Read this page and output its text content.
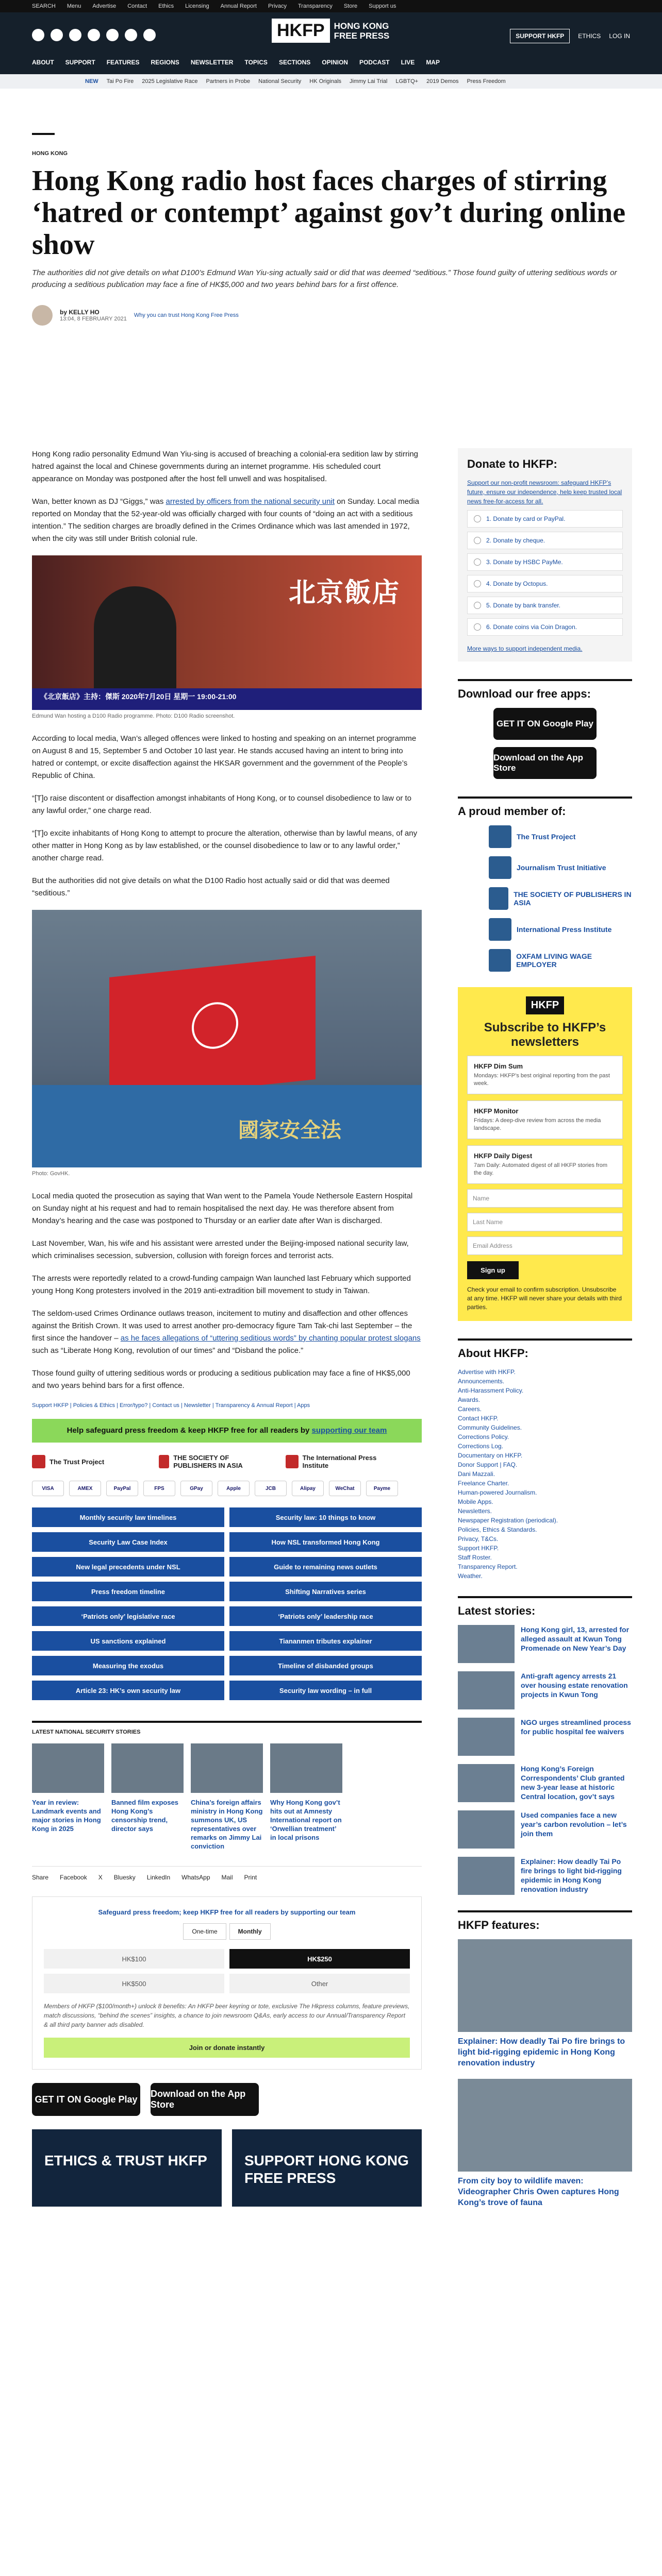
SEARCH Menu Advertise Contact Ethics Licensing Annual Report Privacy Transparency Store Support us
HKFP	HONG KONG
FREE PRESS	SUPPORT HKFP	ETHICS LOG IN
ABOUT SUPPORT FEATURES REGIONS NEWSLETTER TOPICS SECTIONS OPINION PODCAST LIVE MAP
NEW Tai Po Fire 2025 Legislative Race Partners in Probe National Security HK Originals Jimmy Lai Trial LGBTQ+ 2019 Demos Press Freedom
HONG KONG
Hong Kong radio host faces charges of stirring ‘hatred or contempt’ against gov’t during online show

The authorities did not give details on what D100’s Edmund Wan Yiu-sing actually said or did that was deemed “seditious.” Those found guilty of uttering seditious words or producing a seditious publication may face a fine of HK$5,000 and two years behind bars for a first offence.

by KELLY HO
13:04, 8 FEBRUARY 2021
Why you can trust Hong Kong Free Press

Hong Kong radio personality Edmund Wan Yiu-sing is accused of breaching a colonial-era sedition law by stirring hatred against the local and Chinese governments during an internet programme. His scheduled court appearance on Monday was postponed after the host fell unwell and was hospitalised.

Wan, better known as DJ “Giggs,” was arrested by officers from the national security unit on Sunday. Local media reported on Monday that the 52-year-old was officially charged with four counts of “doing an act with a seditious intention.” The sedition charges are broadly defined in the Crimes Ordinance which was last amended in 1972, when the city was still under British colonial rule.

北京飯店
《北京飯店》主持：傑斯 2020年7月20日 星期一 19:00-21:00
Edmund Wan hosting a D100 Radio programme. Photo: D100 Radio screenshot.

According to local media, Wan’s alleged offences were linked to hosting and speaking on an internet programme on August 8 and 15, September 5 and October 10 last year. He stands accused having an intent to bring into hatred or contempt, or excite disaffection against the HKSAR government and the government of the People’s Republic of China.

“[T]o raise discontent or disaffection amongst inhabitants of Hong Kong, or to counsel disobedience to law or to any lawful order,” one charge read.

“[T]o excite inhabitants of Hong Kong to attempt to procure the alteration, otherwise than by lawful means, of any other matter in Hong Kong as by law established, or the counsel disobedience to law or to any lawful order,” another charge read.

But the authorities did not give details on what the D100 Radio host actually said or did that was deemed “seditious.”

國家安全法
Photo: GovHK.

Local media quoted the prosecution as saying that Wan went to the Pamela Youde Nethersole Eastern Hospital on Sunday night at his request and had to remain hospitalised the next day. He was therefore absent from Monday’s hearing and the case was postponed to Thursday or an earlier date after Wan is discharged.

Last November, Wan, his wife and his assistant were arrested under the Beijing-imposed national security law, which criminalises secession, subversion, collusion with foreign forces and terrorist acts.

The arrests were reportedly related to a crowd-funding campaign Wan launched last February which supported young Hong Kong protesters involved in the 2019 anti-extradition bill movement to study in Taiwan.

The seldom-used Crimes Ordinance outlaws treason, incitement to mutiny and disaffection and other offences against the British Crown. It was used to arrest another pro-democracy figure Tam Tak-chi last September – the first since the handover – as he faces allegations of “uttering seditious words” by chanting popular protest slogans such as “Liberate Hong Kong, revolution of our times” and “Disband the police.”

Those found guilty of uttering seditious words or producing a seditious publication may face a fine of HK$5,000 and two years behind bars for a first offence.

Support HKFP | Policies & Ethics | Error/typo? | Contact us | Newsletter | Transparency & Annual Report | Apps
Help safeguard press freedom & keep HKFP free for all readers by supporting our team
The Trust Project	THE SOCIETY OF PUBLISHERS IN ASIA
The International Press Institute
VISA	AMEX	PayPal	FPS	GPay	Apple	JCB	Alipay	WeChat	Payme
Monthly security law timelines	Security law: 10 things to know
Security Law Case Index	How NSL transformed Hong Kong
New legal precedents under NSL	Guide to remaining news outlets
Press freedom timeline	Shifting Narratives series
‘Patriots only’ legislative race	‘Patriots only’ leadership race
US sanctions explained	Tiananmen tributes explainer
Measuring the exodus	Timeline of disbanded groups
Article 23: HK’s own security law	Security law wording – in full
LATEST NATIONAL SECURITY STORIES
Year in review: Landmark events and major stories in Hong Kong in 2025
Banned film exposes Hong Kong’s censorship trend, director says
China’s foreign affairs ministry in Hong Kong summons UK, US representatives over remarks on Jimmy Lai conviction
Why Hong Kong gov’t hits out at Amnesty International report on ‘Orwellian treatment’ in local prisons
Share Facebook X Bluesky LinkedIn WhatsApp Mail Print
Safeguard press freedom; keep HKFP free for all readers by supporting our team
One-time	Monthly
HK$100	HK$250
HK$500	Other
Members of HKFP ($100/month+) unlock 8 benefits: An HKFP beer keyring or tote, exclusive The Hkpress columns, feature previews, match discussions, “behind the scenes” insights, a chance to join newsroom Q&As, early access to our Annual/Transparency Report & all third party banner ads disabled.
Join or donate instantly
GET IT ON Google Play
Download on the App Store
ETHICS & TRUST HKFP	SUPPORT HONG KONG FREE PRESS
Donate to HKFP:

Support our non-profit newsroom: safeguard HKFP’s future, ensure our independence, help keep trusted local news free-for-access for all.

1. Donate by card or PayPal.
2. Donate by cheque.
3. Donate by HSBC PayMe.
4. Donate by Octopus.
5. Donate by bank transfer.
6. Donate coins via Coin Dragon.
More ways to support independent media.
Download our free apps:
GET IT ON Google Play
Download on the App Store
A proud member of:
The Trust Project
Journalism Trust Initiative
THE SOCIETY OF PUBLISHERS IN ASIA
International Press Institute
OXFAM LIVING WAGE EMPLOYER
HKFP
Subscribe to HKFP’s newsletters
HKFP Dim Sum
Mondays: HKFP’s best original reporting from the past week.
HKFP Monitor
Fridays: A deep-dive review from across the media landscape.
HKFP Daily Digest
7am Daily: Automated digest of all HKFP stories from the day.
Name
Last Name
Email Address
Sign up
Check your email to confirm subscription. Unsubscribe at any time. HKFP will never share your details with third parties.
About HKFP:
Advertise with HKFP.
Announcements.
Anti-Harassment Policy.
Awards.
Careers.
Contact HKFP.
Community Guidelines.
Corrections Policy.
Corrections Log.
Documentary on HKFP.
Donor Support | FAQ.
Dani Mazzali.
Freelance Charter.
Human-powered Journalism.
Mobile Apps.
Newsletters.
Newspaper Registration (periodical).
Policies, Ethics & Standards.
Privacy, T&Cs.
Support HKFP.
Staff Roster.
Transparency Report.
Weather.
Latest stories:
Hong Kong girl, 13, arrested for alleged assault at Kwun Tong Promenade on New Year’s Day
Anti-graft agency arrests 21 over housing estate renovation projects in Kwun Tong
NGO urges streamlined process for public hospital fee waivers
Hong Kong’s Foreign Correspondents’ Club granted new 3-year lease at historic Central location, gov’t says
Used companies face a new year’s carbon revolution – let’s join them
Explainer: How deadly Tai Po fire brings to light bid-rigging epidemic in Hong Kong renovation industry
HKFP features:
Explainer: How deadly Tai Po fire brings to light bid-rigging epidemic in Hong Kong renovation industry
From city boy to wildlife maven: Videographer Chris Owen captures Hong Kong’s trove of fauna
